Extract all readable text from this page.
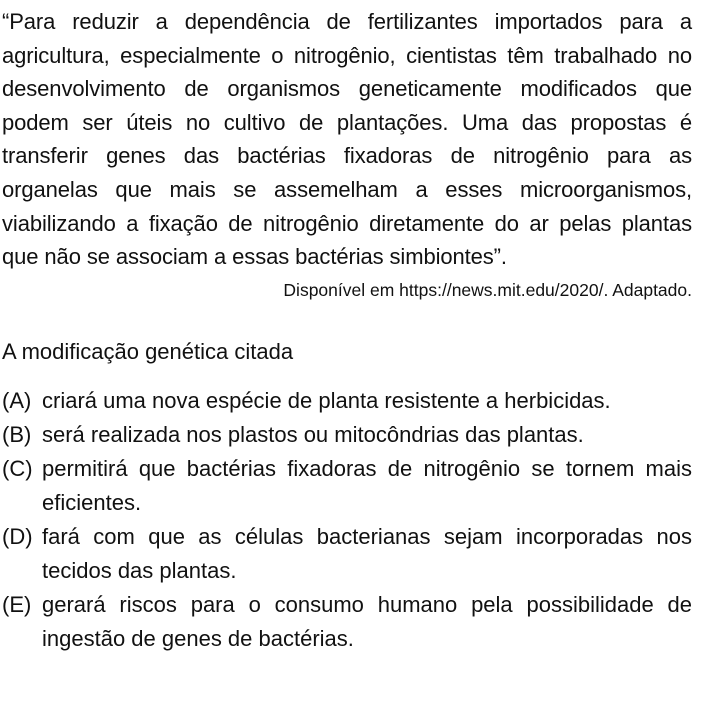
“Para reduzir a dependência de fertilizantes importados para a agricultura, especialmente o nitrogênio, cientistas têm trabalhado no desenvolvimento de organismos geneticamente modificados que podem ser úteis no cultivo de plantações. Uma das propostas é transferir genes das bactérias fixadoras de nitrogênio para as organelas que mais se assemelham a esses microorganismos, viabilizando a fixação de nitrogênio diretamente do ar pelas plantas que não se associam a essas bactérias simbiontes”.

Disponível em https://news.mit.edu/2020/. Adaptado.

A modificação genética citada

(A) criará uma nova espécie de planta resistente a herbicidas.
(B) será realizada nos plastos ou mitocôndrias das plantas.
(C) permitirá que bactérias fixadoras de nitrogênio se tornem mais eficientes.
(D) fará com que as células bacterianas sejam incorporadas nos tecidos das plantas.
(E) gerará riscos para o consumo humano pela possibilidade de ingestão de genes de bactérias.
